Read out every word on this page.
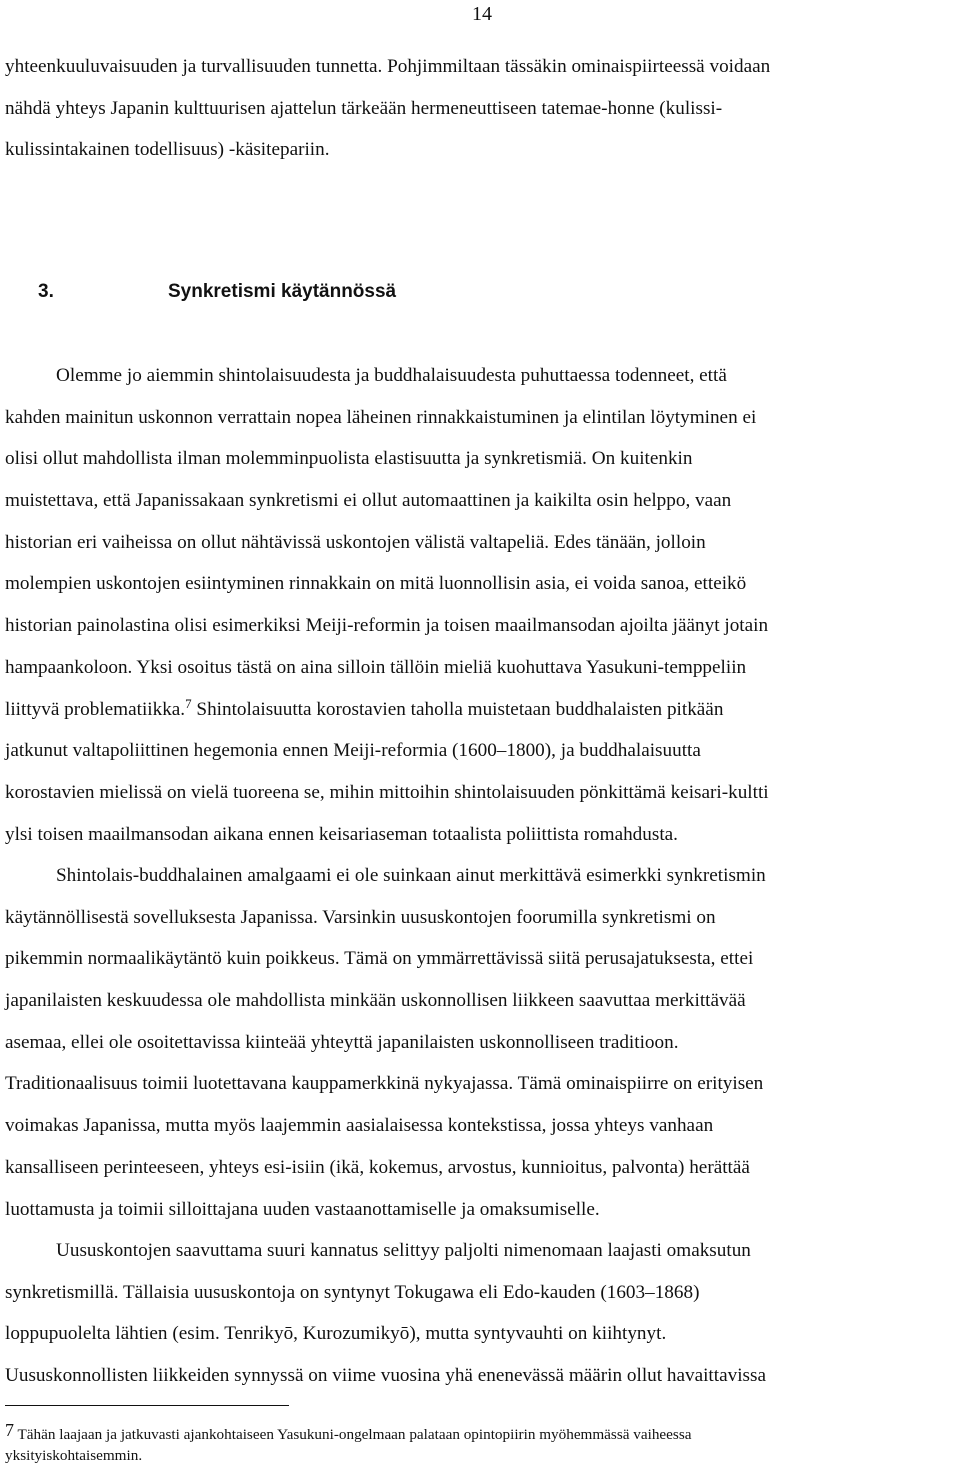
14
yhteenkuuluvaisuuden ja turvallisuuden tunnetta. Pohjimmiltaan tässäkin ominaispiirteessä voidaan
nähdä yhteys Japanin kulttuurisen ajattelun tärkeään hermeneuttiseen tatemae-honne (kulissi-
kulissintakainen todellisuus) -käsitepariin.
3.	Synkretismi käytännössä
Olemme jo aiemmin shintolaisuudesta ja buddhalaisuudesta puhuttaessa todenneet, että
kahden mainitun uskonnon verrattain nopea läheinen rinnakkaistuminen ja elintilan löytyminen ei
olisi ollut mahdollista ilman molemminpuolista elastisuutta ja synkretismiä. On kuitenkin
muistettava, että Japanissakaan synkretismi ei ollut automaattinen ja kaikilta osin helppo, vaan
historian eri vaiheissa on ollut nähtävissä uskontojen välistä valtapeliä. Edes tänään, jolloin
molempien uskontojen esiintyminen rinnakkain on mitä luonnollisin asia, ei voida sanoa, etteikö
historian painolastina olisi esimerkiksi Meiji-reformin ja toisen maailmansodan ajoilta jäänyt jotain
hampaankoloon. Yksi osoitus tästä on aina silloin tällöin mieliä kuohuttava Yasukuni-temppeliin
liittyvä problematiikka.$^7$ Shintolaisuutta korostavien taholla muistetaan buddhalaisten pitkään
jatkunut valtapoliittinen hegemonia ennen Meiji-reformia (1600–1800), ja buddhalaisuutta
korostavien mielissä on vielä tuoreena se, mihin mittoihin shintolaisuuden pönkittämä keisari-kultti
ylsi toisen maailmansodan aikana ennen keisariaseman totaalista poliittista romahdusta.
Shintolais-buddhalainen amalgaami ei ole suinkaan ainut merkittävä esimerkki synkretismin
käytännöllisestä sovelluksesta Japanissa. Varsinkin uususkontojen foorumilla synkretismi on
pikemmin normaalikäytäntö kuin poikkeus. Tämä on ymmärrettävissä siitä perusajatuksesta, ettei
japanilaisten keskuudessa ole mahdollista minkään uskonnollisen liikkeen saavuttaa merkittävää
asemaa, ellei ole osoitettavissa kiinteää yhteyttä japanilaisten uskonnolliseen traditioon.
Traditionaalisuus toimii luotettavana kauppamerkkinä nykyajassa. Tämä ominaispiirre on erityisen
voimakas Japanissa, mutta myös laajemmin aasialaisessa kontekstissa, jossa yhteys vanhaan
kansalliseen perinteeseen, yhteys esi-isiin (ikä, kokemus, arvostus, kunnioitus, palvonta) herättää
luottamusta ja toimii silloittajana uuden vastaanottamiselle ja omaksumiselle.
Uususkontojen saavuttama suuri kannatus selittyy paljolti nimenomaan laajasti omaksutun
synkretismillä. Tällaisia uususkontoja on syntynyt Tokugawa eli Edo-kauden (1603–1868)
loppupuolelta lähtien (esim. Tenrikyō, Kurozumikyō), mutta syntyvauhti on kiihtynyt.
Uususkonnollisten liikkeiden synnyssä on viime vuosina yhä enenevässä määrin ollut havaittavissa
7 Tähän laajaan ja jatkuvasti ajankohtaiseen Yasukuni-ongelmaan palataan opintopiirin myöhemmässä vaiheessa
yksityiskohtaisemmin.
